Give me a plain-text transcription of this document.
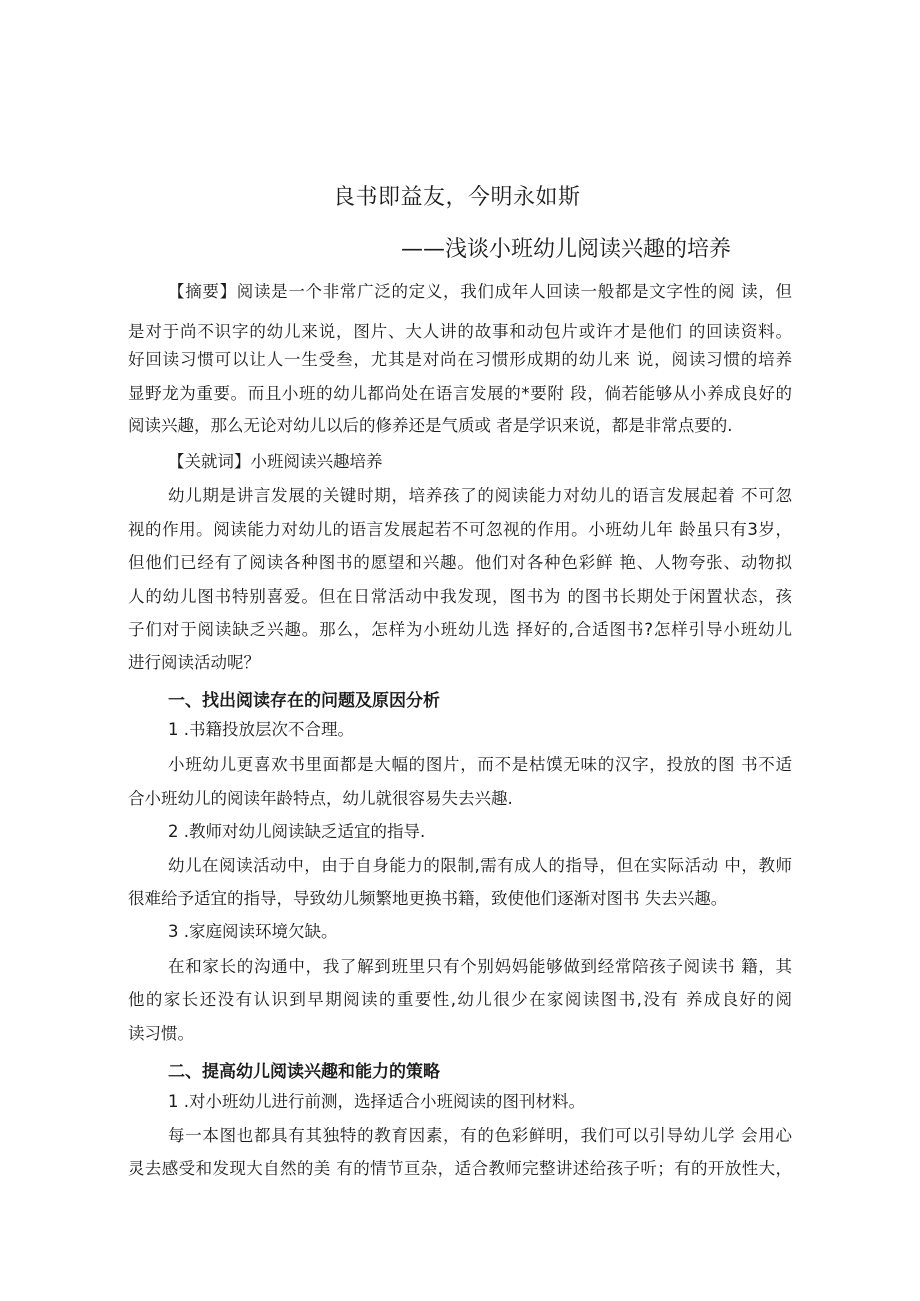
良书即益友，今明永如斯
——浅谈小班幼儿阅读兴趣的培养
【摘要】阅读是一个非常广泛的定义，我们成年人回读一般都是文字性的阅 读，但
是对于尚不识字的幼儿来说，图片、大人讲的故事和动包片或许才是他们 的回读资料。
好回读习惯可以让人一生受叁，尤其是对尚在习惯形成期的幼儿来 说，阅读习惯的培养
显野龙为重要。而且小班的幼儿都尚处在语言发展的*要附 段，倘若能够从小养成良好的
阅读兴趣，那么无论对幼儿以后的修养还是气质或 者是学识来说，都是非常点要的.
【关就词】小班阅读兴趣培养
幼儿期是讲言发展的关键时期，培养孩了的阅读能力对幼儿的语言发展起着 不可忽
视的作用。阅读能力对幼儿的语言发展起若不可忽视的作用。小班幼儿年 龄虽只有3岁，
但他们已经有了阅读各种图书的愿望和兴趣。他们对各种色彩鲜 艳、人物夸张、动物拟
人的幼儿图书特别喜爱。但在日常活动中我发现，图书为 的图书长期处于闲置状态，孩
子们对于阅读缺乏兴趣。那么，怎样为小班幼儿选 择好的,合适图书?怎样引导小班幼儿
进行阅读活动呢？
一、找出阅读存在的问题及原因分析
1 .书籍投放层次不合理。
小班幼儿更喜欢书里面都是大幅的图片，而不是枯馍无味的汉字，投放的图 书不适
合小班幼儿的阅读年龄特点，幼儿就很容易失去兴趣.
2 .教师对幼儿阅读缺乏适宜的指导.
幼儿在阅读活动中，由于自身能力的限制,需有成人的指导，但在实际活动 中，教师
很难给予适宜的指导，导致幼儿频繁地更换书籍，致使他们逐渐对图书 失去兴趣。
3 .家庭阅读环境欠缺。
在和家长的沟通中，我了解到班里只有个别妈妈能够做到经常陪孩子阅读书 籍，其
他的家长还没有认识到早期阅读的重要性,幼儿很少在家阅读图书,没有 养成良好的阅
读习惯。
二、提高幼儿阅读兴趣和能力的策略
1 .对小班幼儿进行前测，选择适合小班阅读的图刊材料。
每一本图也都具有其独特的教育因素，有的色彩鲜明，我们可以引导幼儿学 会用心
灵去感受和发现大自然的美 有的情节亘杂，适合教师完整讲述给孩子听；有的开放性大，
